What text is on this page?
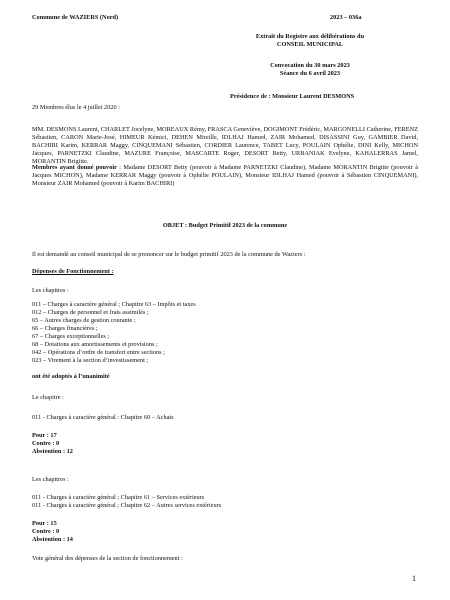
Commune de WAZIERS (Nord)	2023 – 036a
Extrait du Registre aux délibérations du
CONSEIL MUNICIPAL
Convocation du 30 mars 2023
Séance du 6 avril 2023
Présidence de : Monsieur Laurent DESMONS
29 Membres élus le 4 juillet 2020 :
MM. DESMONS Laurent, CHARLET Jocelyne, MOREAUX Rémy, FRASCA Geneviève, DOGIMONT Frédéric, MARGONELLI Catherine, FERENZ Sébastien, CARON Marie-José, HIMEUR Kémici, DEHEN Mireille, IDLHAJ Hamed, ZAIR Mohamed, DISASSINI Guy, GAMBIER David, BACHIRI Karim, KERRAR Maggy, CINQUEMANI Sébastien, CORDIER Laurence, TABET Lucy, POULAIN Ophélie, DINI Kelly, MICHON Jacques, PARNETZKI Claudine, MAZURE Françoise, MASCARTE Roger, DESORT Betty, URBANIAK Evelyne, KAHALERRAS Jamel, MORANTIN Brigitte.
Membres ayant donné pouvoir : Madame DESORT Betty (pouvoir à Madame PARNETZKI Claudine), Madame MORANTIN Brigitte (pouvoir à Jacques MICHON), Madame KERRAR Maggy (pouvoir à Ophélie POULAIN), Monsieur IDLHAJ Hamed (pouvoir à Sébastien CINQUEMANI), Monsieur ZAIR Mohamed (pouvoir à Karim BACHIRI)
OBJET : Budget Primitif 2023 de la commune
Il est demandé au conseil municipal de se prononcer sur le budget primitif 2023 de la commune de Waziers :
Dépenses de Fonctionnement :
Les chapitres :
011 – Charges à caractère général ; Chapitre 63 – Impôts et taxes
012 – Charges de personnel et frais assimilés ;
65 – Autres charges de gestion courante ;
66 – Charges financières ;
67 – Charges exceptionnelles ;
68 – Dotations aux amortissements et provisions ;
042 – Opérations d’ordre de transfert entre sections ;
023 – Virement à la section d’investissement ;
ont été adoptés à l’unanimité
Le chapitre :
011 - Charges à caractère général : Chapitre 60 – Achats
Pour : 17
Contre : 0
Abstention : 12
Les chapitres :
011 - Charges à caractère général ; Chapitre 61 – Services extérieurs
011 - Charges à caractère général ; Chapitre 62 – Autres services extérieurs
Pour : 15
Contre : 0
Abstention : 14
Vote général des dépenses de la section de fonctionnement :
1
